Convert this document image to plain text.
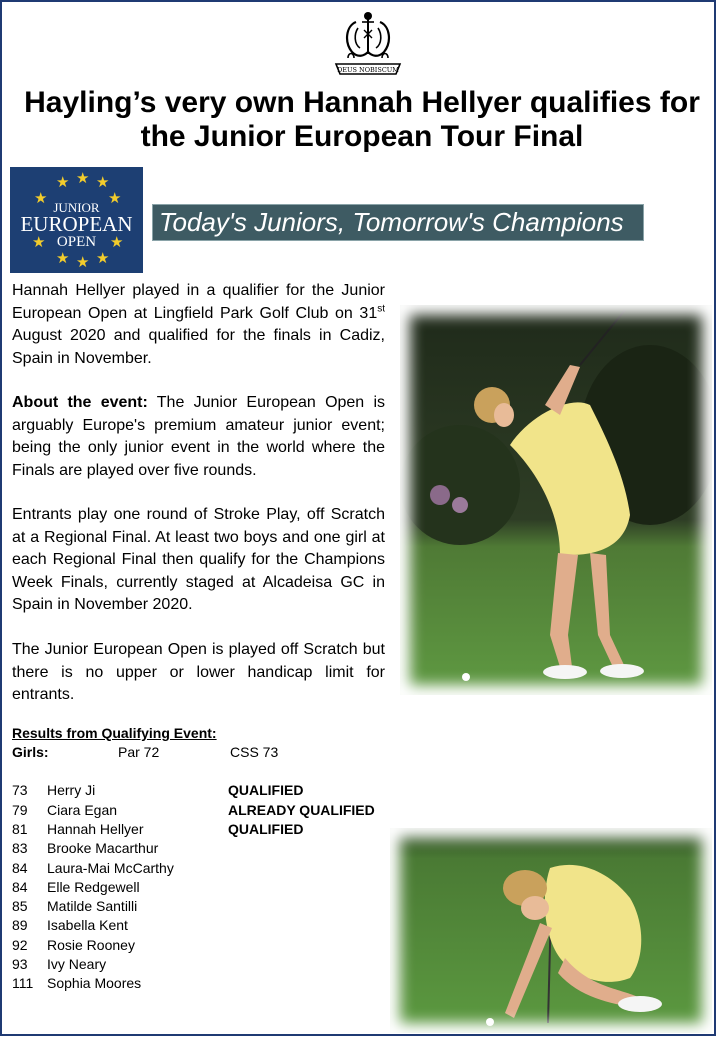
DEUS NOBISCUM
Hayling’s very own Hannah Hellyer qualifies for the Junior European Tour Final
★ ★ ★
★	★
JUNIOR
EUROPEAN
OPEN
★	★
★ ★ ★
Today's Juniors, Tomorrow's Champions

Hannah Hellyer played in a qualifier for the Junior European Open at Lingfield Park Golf Club on 31st August 2020 and qualified for the finals in Cadiz, Spain in November.

About the event: The Junior European Open is arguably Europe's premium amateur junior event; being the only junior event in the world where the Finals are played over five rounds.

Entrants play one round of Stroke Play, off Scratch at a Regional Final. At least two boys and one girl at each Regional Final then qualify for the Champions Week Finals, currently staged at Alcadeisa GC in Spain in November 2020.

The Junior European Open is played off Scratch but there is no upper or lower handicap limit for entrants.

Results from Qualifying Event:
Girls:	Par 72	CSS 73
73 Herry Ji	QUALIFIED
79 Ciara Egan	ALREADY QUALIFIED
81 Hannah Hellyer	QUALIFIED
83 Brooke Macarthur
84 Laura-Mai McCarthy
84 Elle Redgewell
85 Matilde Santilli
89 Isabella Kent
92 Rosie Rooney
93 Ivy Neary
111 Sophia Moores
